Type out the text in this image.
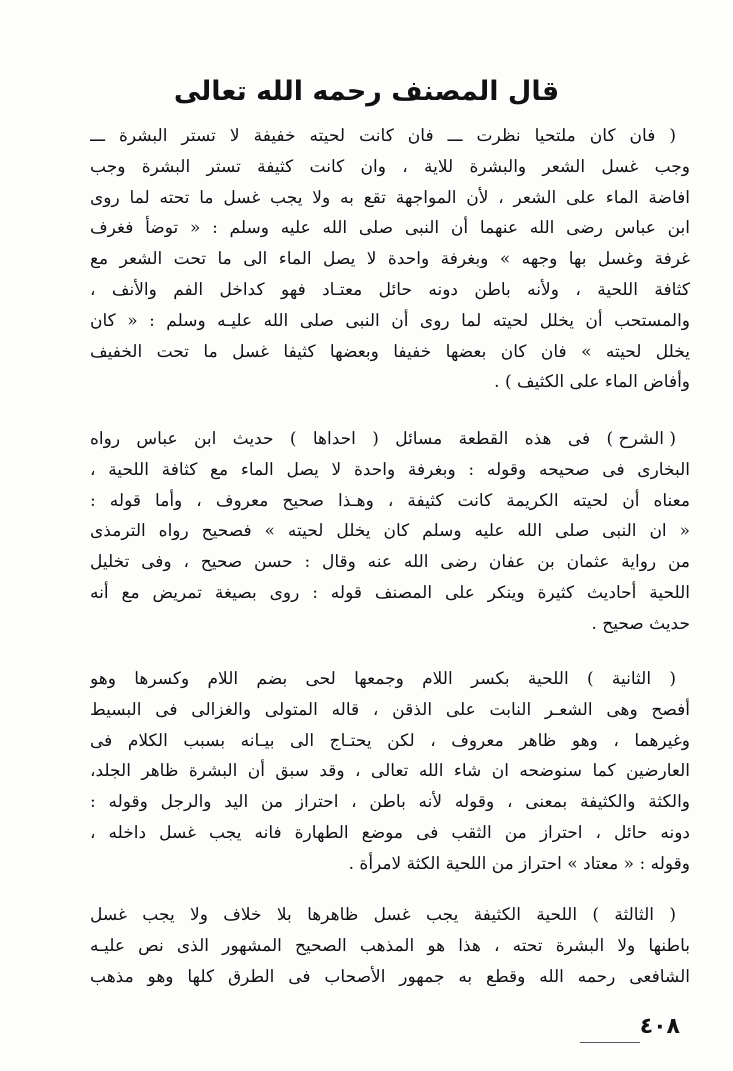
قال المصنف رحمه الله تعالى
( فان كان ملتحيا نظرت ـــ فان كانت لحيته خفيفة لا تستر البشرة ـــ
وجب غسل الشعر والبشرة للاية ، وان كانت كثيفة تستر البشرة وجب
افاضة الماء على الشعر ، لأن المواجهة تقع به ولا يجب غسل ما تحته لما روى
ابن عباس رضى الله عنهما أن النبى صلى الله عليه وسلم : « توضأ فغرف
غرفة وغسل بها وجهه » وبغرفة واحدة لا يصل الماء الى ما تحت الشعر مع
كثافة اللحية ، ولأنه باطن دونه حائل معتـاد فهو كداخل الفم والأنف ،
والمستحب أن يخلل لحيته لما روى أن النبى صلى الله عليـه وسلم : « كان
يخلل لحيته » فان كان بعضها خفيفا وبعضها كثيفا غسل ما تحت الخفيف
وأفاض الماء على الكثيف ) .
( الشرح ) فى هذه القطعة مسائل ( احداها ) حديث ابن عباس رواه
البخارى فى صحيحه وقوله : وبغرفة واحدة لا يصل الماء مع كثافة اللحية ،
معناه أن لحيته الكريمة كانت كثيفة ، وهـذا صحيح معروف ، وأما قوله :
« ان النبى صلى الله عليه وسلم كان يخلل لحيته » فصحيح رواه الترمذى
من رواية عثمان بن عفان رضى الله عنه وقال : حسن صحيح ، وفى تخليل
اللحية أحاديث كثيرة وينكر على المصنف قوله : روى بصيغة تمريض مع أنه
حديث صحيح .
( الثانية ) اللحية بكسر اللام وجمعها لحى بضم اللام وكسرها وهو
أفصح وهى الشعـر النابت على الذقن ، قاله المتولى والغزالى فى البسيط
وغيرهما ، وهو ظاهر معروف ، لكن يحتـاج الى بيـانه بسبب الكلام فى
العارضين كما سنوضحه ان شاء الله تعالى ، وقد سبق أن البشرة ظاهر الجلد،
والكثة والكثيفة بمعنى ، وقوله لأنه باطن ، احتراز من اليد والرجل وقوله :
دونه حائل ، احتراز من الثقب فى موضع الطهارة فانه يجب غسل داخله ،
وقوله : « معتاد » احتراز من اللحية الكثة لامرأة .
( الثالثة ) اللحية الكثيفة يجب غسل ظاهرها بلا خلاف ولا يجب غسل
باطنها ولا البشرة تحته ، هذا هو المذهب الصحيح المشهور الذى نص عليـه
الشافعى رحمه الله وقطع به جمهور الأصحاب فى الطرق كلها وهو مذهب
٤٠٨
